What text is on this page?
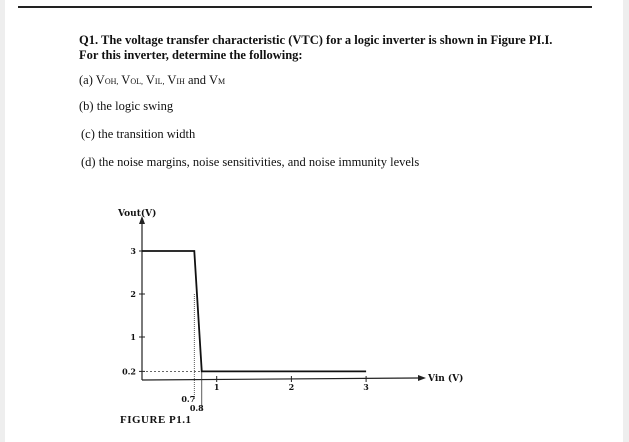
Q1. The voltage transfer characteristic (VTC) for a logic inverter is shown in Figure PI.I.
For this inverter, determine the following:
(a) VOH, VOL, VIL, VIH and VM
(b) the logic swing
(c) the transition width
(d) the noise margins, noise sensitivities, and noise immunity levels
Vout(V)
Vin (V)
0.2
1
2
3
1	2	3
0.7
0.8
FIGURE P1.1
